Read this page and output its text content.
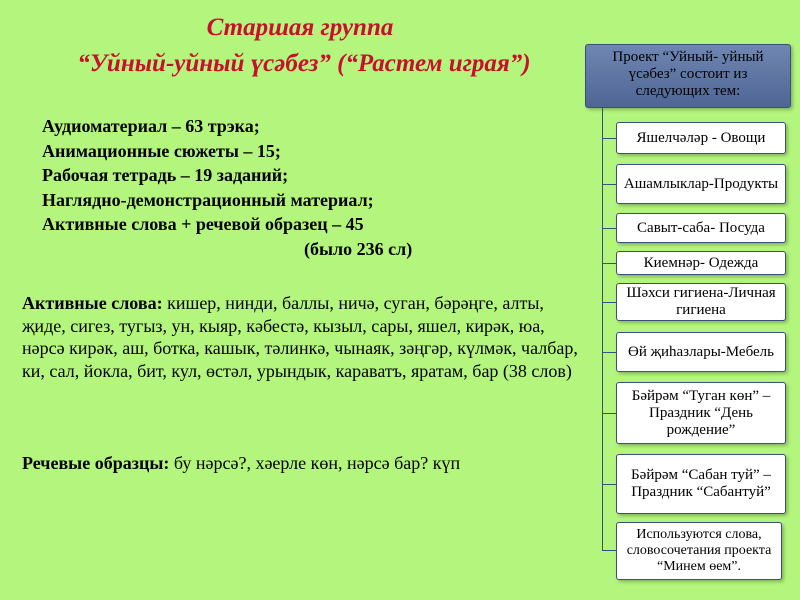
Старшая группа
“Уйный-уйный үсәбез” (“Растем играя”)
Аудиоматериал – 63 трэка;
Анимационные сюжеты – 15;
Рабочая тетрадь – 19 заданий;
Наглядно-демонстрационный материал;
Активные слова + речевой образец – 45
(было 236 сл)

Активные слова: кишер, нинди, баллы, ничә, суган, бәрәңге, алты, җиде, сигез, тугыз, ун, кыяр, кәбестә, кызыл, сары, яшел, кирәк, юа, нәрсә кирәк, аш, ботка, кашык, тәлинкә, чынаяк, зәңгәр, күлмәк, чалбар, ки, сал, йокла, бит, кул, өстәл, урындык, караватъ, яратам, бар (38 слов)

Речевые образцы: бу нәрсә?, хәерле көн, нәрсә бар? күп

Проект “Уйный- уйный үсәбез” состоит из следующих тем:
Яшелчәләр - Овощи
Ашамлыклар-Продукты
Савыт-саба- Посуда
Киемнәр- Одежда
Шәхси гигиена-Личная гигиена
Өй җиһазлары-Мебель
Бәйрәм “Туган көн” – Праздник “День рождение”
Бәйрәм “Сабан туй” – Праздник “Сабантуй”
Используются слова, словосочетания проекта “Минем өем”.
